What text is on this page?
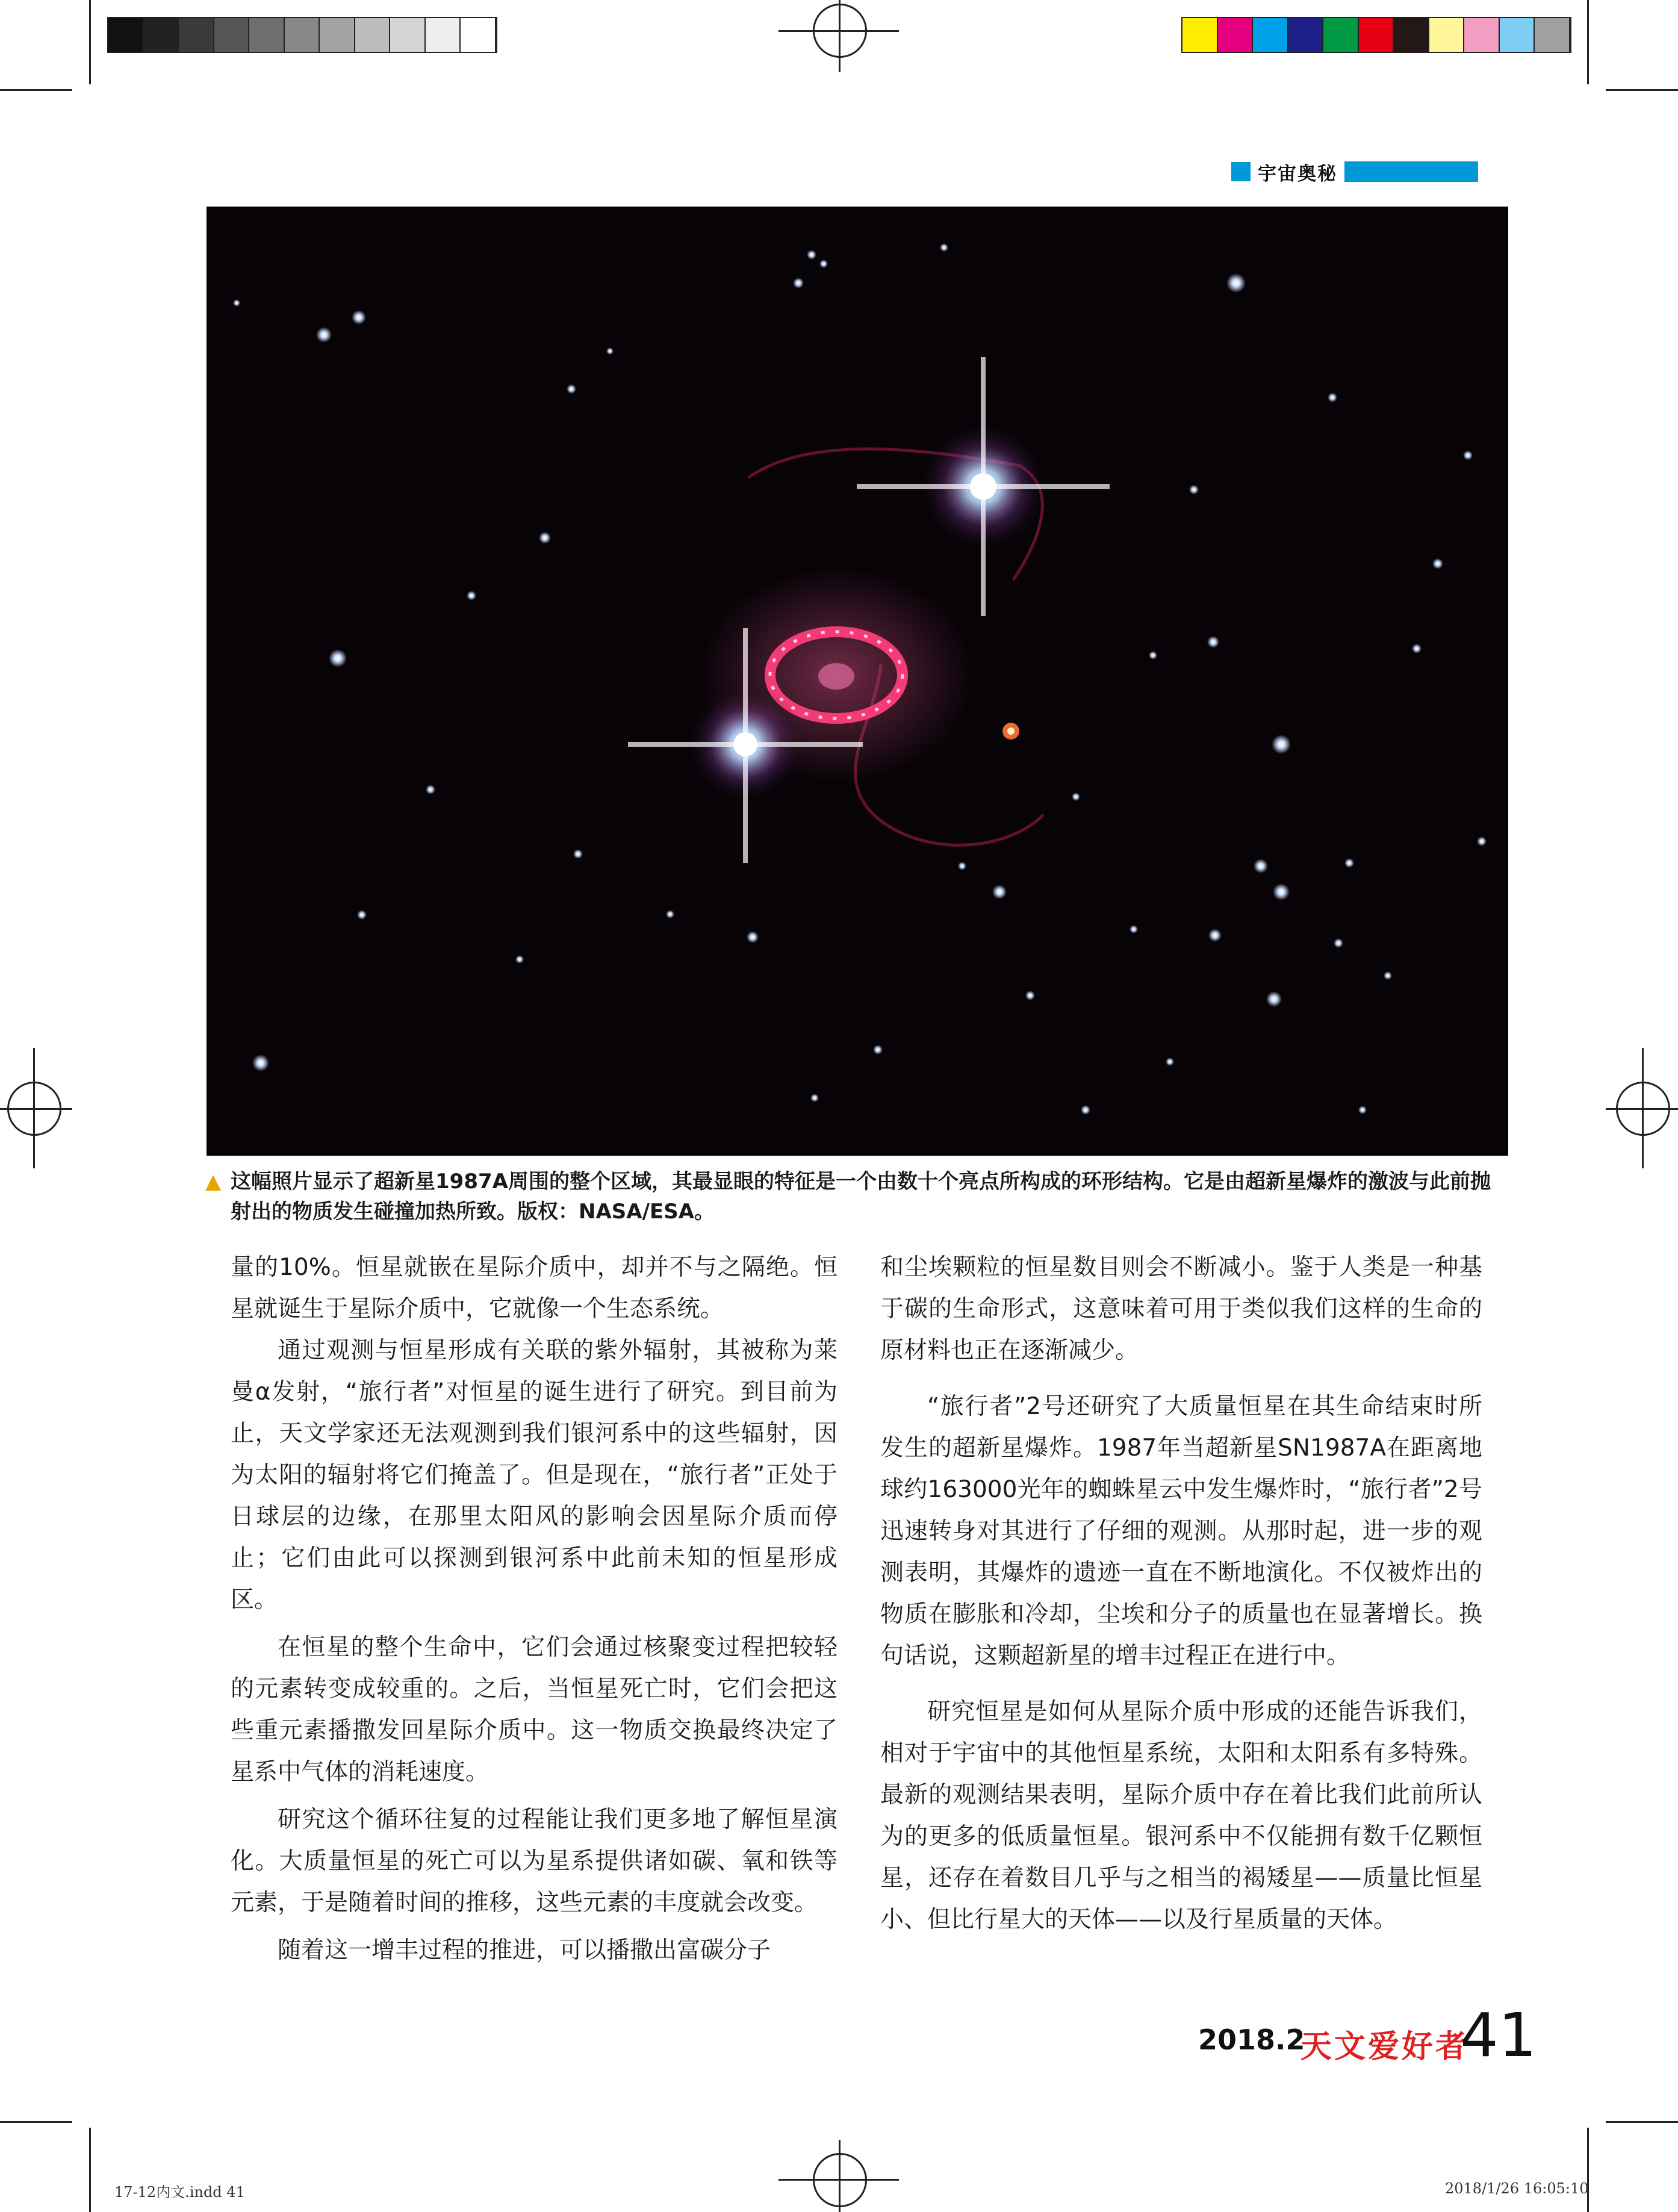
宇宙奥秘
▲ 这幅照片显示了超新星1987A周围的整个区域，其最显眼的特征是一个由数十个亮点所构成的环形结构。它是由超新星爆炸的激波与此前抛射出的物质发生碰撞加热所致。版权：NASA/ESA。

量的10%。恒星就嵌在星际介质中，却并不与之隔绝。恒星就诞生于星际介质中，它就像一个生态系统。

通过观测与恒星形成有关联的紫外辐射，其被称为莱曼α发射，“旅行者”对恒星的诞生进行了研究。到目前为止，天文学家还无法观测到我们银河系中的这些辐射，因为太阳的辐射将它们掩盖了。但是现在，“旅行者”正处于日球层的边缘，在那里太阳风的影响会因星际介质而停止；它们由此可以探测到银河系中此前未知的恒星形成区。

在恒星的整个生命中，它们会通过核聚变过程把较轻的元素转变成较重的。之后，当恒星死亡时，它们会把这些重元素播撒发回星际介质中。这一物质交换最终决定了星系中气体的消耗速度。

研究这个循环往复的过程能让我们更多地了解恒星演化。大质量恒星的死亡可以为星系提供诸如碳、氧和铁等元素，于是随着时间的推移，这些元素的丰度就会改变。

随着这一增丰过程的推进，可以播撒出富碳分子

和尘埃颗粒的恒星数目则会不断减小。鉴于人类是一种基于碳的生命形式，这意味着可用于类似我们这样的生命的原材料也正在逐渐减少。

“旅行者”2号还研究了大质量恒星在其生命结束时所发生的超新星爆炸。1987年当超新星SN1987A在距离地球约163000光年的蜘蛛星云中发生爆炸时，“旅行者”2号迅速转身对其进行了仔细的观测。从那时起，进一步的观测表明，其爆炸的遗迹一直在不断地演化。不仅被炸出的物质在膨胀和冷却，尘埃和分子的质量也在显著增长。换句话说，这颗超新星的增丰过程正在进行中。

研究恒星是如何从星际介质中形成的还能告诉我们，相对于宇宙中的其他恒星系统，太阳和太阳系有多特殊。最新的观测结果表明，星际介质中存在着比我们此前所认为的更多的低质量恒星。银河系中不仅能拥有数千亿颗恒星，还存在着数目几乎与之相当的褐矮星——质量比恒星小、但比行星大的天体——以及行星质量的天体。

2018.2
天文爱好者
41
17-12内文.indd 41	2018/1/26 16:05:10
